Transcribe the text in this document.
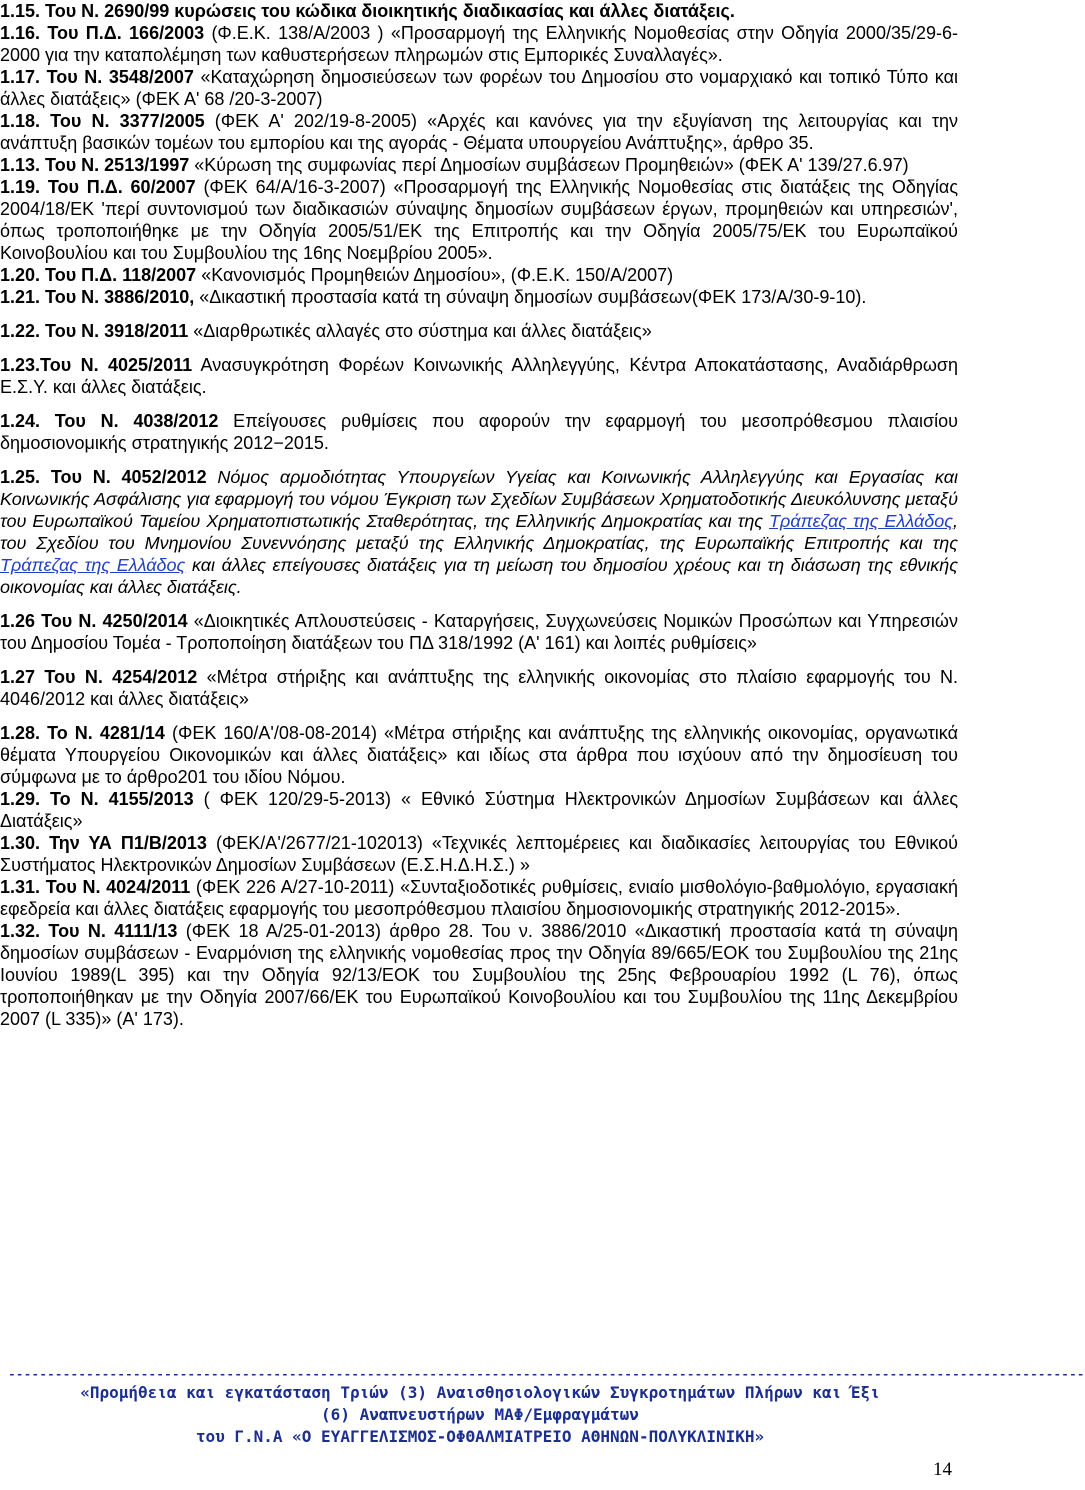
1.15. Του Ν. 2690/99 κυρώσεις του κώδικα διοικητικής διαδικασίας και άλλες διατάξεις.

1.16. Του Π.Δ. 166/2003 (Φ.Ε.Κ. 138/Α/2003 ) «Προσαρμογή της Ελληνικής Νομοθεσίας στην Οδηγία 2000/35/29-6-2000 για την καταπολέμηση των καθυστερήσεων πληρωμών στις Εμπορικές Συναλλαγές».

1.17. Του Ν. 3548/2007 «Καταχώρηση δημοσιεύσεων των φορέων του Δημοσίου στο νομαρχιακό και τοπικό Τύπο και άλλες διατάξεις» (ΦΕΚ Α' 68 /20-3-2007)

1.18. Του Ν. 3377/2005 (ΦΕΚ Α' 202/19-8-2005) «Αρχές και κανόνες για την εξυγίανση της λειτουργίας και την ανάπτυξη βασικών τομέων του εμπορίου και της αγοράς - Θέματα υπουργείου Ανάπτυξης», άρθρο 35.

1.13. Του Ν. 2513/1997 «Κύρωση της συμφωνίας περί Δημοσίων συμβάσεων Προμηθειών» (ΦΕΚ Α' 139/27.6.97)

1.19. Του Π.Δ. 60/2007 (ΦΕΚ 64/Α/16-3-2007) «Προσαρμογή της Ελληνικής Νομοθεσίας στις διατάξεις της Οδηγίας 2004/18/ΕΚ 'περί συντονισμού των διαδικασιών σύναψης δημοσίων συμβάσεων έργων, προμηθειών και υπηρεσιών', όπως τροποποιήθηκε με την Οδηγία 2005/51/ΕΚ της Επιτροπής και την Οδηγία 2005/75/ΕΚ του Ευρωπαϊκού Κοινοβουλίου και του Συμβουλίου της 16ης Νοεμβρίου 2005».

1.20. Του Π.Δ. 118/2007 «Κανονισμός Προμηθειών Δημοσίου», (Φ.Ε.Κ. 150/Α/2007)

1.21. Του Ν. 3886/2010, «Δικαστική προστασία κατά τη σύναψη δημοσίων συμβάσεων(ΦΕΚ 173/Α/30-9-10).

1.22. Του Ν. 3918/2011 «Διαρθρωτικές αλλαγές στο σύστημα και άλλες διατάξεις»

1.23.Του Ν. 4025/2011 Ανασυγκρότηση Φορέων Κοινωνικής Αλληλεγγύης, Κέντρα Αποκατάστασης, Αναδιάρθρωση Ε.Σ.Υ. και άλλες διατάξεις.

1.24. Του Ν. 4038/2012 Επείγουσες ρυθμίσεις που αφορούν την εφαρμογή του μεσοπρόθεσμου πλαισίου δημοσιονομικής στρατηγικής 2012−2015.

1.25. Του Ν. 4052/2012 Νόμος αρμοδιότητας Υπουργείων Υγείας και Κοινωνικής Αλληλεγγύης και Εργασίας και Κοινωνικής Ασφάλισης για εφαρμογή του νόμου Έγκριση των Σχεδίων Συμβάσεων Χρηματοδοτικής Διευκόλυνσης μεταξύ του Ευρωπαϊκού Ταμείου Χρηματοπιστωτικής Σταθερότητας, της Ελληνικής Δημοκρατίας και της Τράπεζας της Ελλάδος, του Σχεδίου του Μνημονίου Συνεννόησης μεταξύ της Ελληνικής Δημοκρατίας, της Ευρωπαϊκής Επιτροπής και της Τράπεζας της Ελλάδος και άλλες επείγουσες διατάξεις για τη μείωση του δημοσίου χρέους και τη διάσωση της εθνικής οικονομίας και άλλες διατάξεις.

1.26 Του Ν. 4250/2014 «Διοικητικές Απλουστεύσεις - Καταργήσεις, Συγχωνεύσεις Νομικών Προσώπων και Υπηρεσιών του Δημοσίου Τομέα - Τροποποίηση διατάξεων του ΠΔ 318/1992 (Α' 161) και λοιπές ρυθμίσεις»

1.27 Του Ν. 4254/2012 «Μέτρα στήριξης και ανάπτυξης της ελληνικής οικονομίας στο πλαίσιο εφαρμογής του Ν. 4046/2012 και άλλες διατάξεις»

1.28. Το Ν. 4281/14 (ΦΕΚ 160/Α'/08-08-2014) «Μέτρα στήριξης και ανάπτυξης της ελληνικής οικονομίας, οργανωτικά θέματα Υπουργείου Οικονομικών και άλλες διατάξεις» και ιδίως στα άρθρα που ισχύουν από την δημοσίευση του σύμφωνα με το άρθρο201 του ιδίου Νόμου.

1.29. Το Ν. 4155/2013 ( ΦΕΚ 120/29-5-2013) « Εθνικό Σύστημα Ηλεκτρονικών Δημοσίων Συμβάσεων και άλλες Διατάξεις»

1.30. Την ΥΑ Π1/Β/2013 (ΦΕΚ/Α'/2677/21-102013) «Τεχνικές λεπτομέρειες και διαδικασίες λειτουργίας του Εθνικού Συστήματος Ηλεκτρονικών Δημοσίων Συμβάσεων (Ε.Σ.Η.Δ.Η.Σ.) »

1.31. Του Ν. 4024/2011 (ΦΕΚ 226 Α/27-10-2011) «Συνταξιοδοτικές ρυθμίσεις, ενιαίο μισθολόγιο-βαθμολόγιο, εργασιακή εφεδρεία και άλλες διατάξεις εφαρμογής του μεσοπρόθεσμου πλαισίου δημοσιονομικής στρατηγικής 2012-2015».

1.32. Του Ν. 4111/13 (ΦΕΚ 18 Α/25-01-2013) άρθρο 28. Του ν. 3886/2010 «Δικαστική προστασία κατά τη σύναψη δημοσίων συμβάσεων - Εναρμόνιση της ελληνικής νομοθεσίας προς την Οδηγία 89/665/ΕΟΚ του Συμβουλίου της 21ης Ιουνίου 1989(L 395) και την Οδηγία 92/13/ΕΟΚ του Συμβουλίου της 25ης Φεβρουαρίου 1992 (L 76), όπως τροποποιήθηκαν με την Οδηγία 2007/66/ΕΚ του Ευρωπαϊκού Κοινοβουλίου και του Συμβουλίου της 11ης Δεκεμβρίου 2007 (L 335)» (Α' 173).

------------------------------------------------------------------------------------------------------------------------------------------

«Προμήθεια και εγκατάσταση Τριών (3) Αναισθησιολογικών Συγκροτημάτων Πλήρων και Έξι

(6) Αναπνευστήρων ΜΑΦ/Εμφραγμάτων

του Γ.Ν.Α «Ο ΕΥΑΓΓΕΛΙΣΜΟΣ-ΟΦΘΑΛΜΙΑΤΡΕΙΟ ΑΘΗΝΩΝ-ΠΟΛΥΚΛΙΝΙΚΗ»

14
